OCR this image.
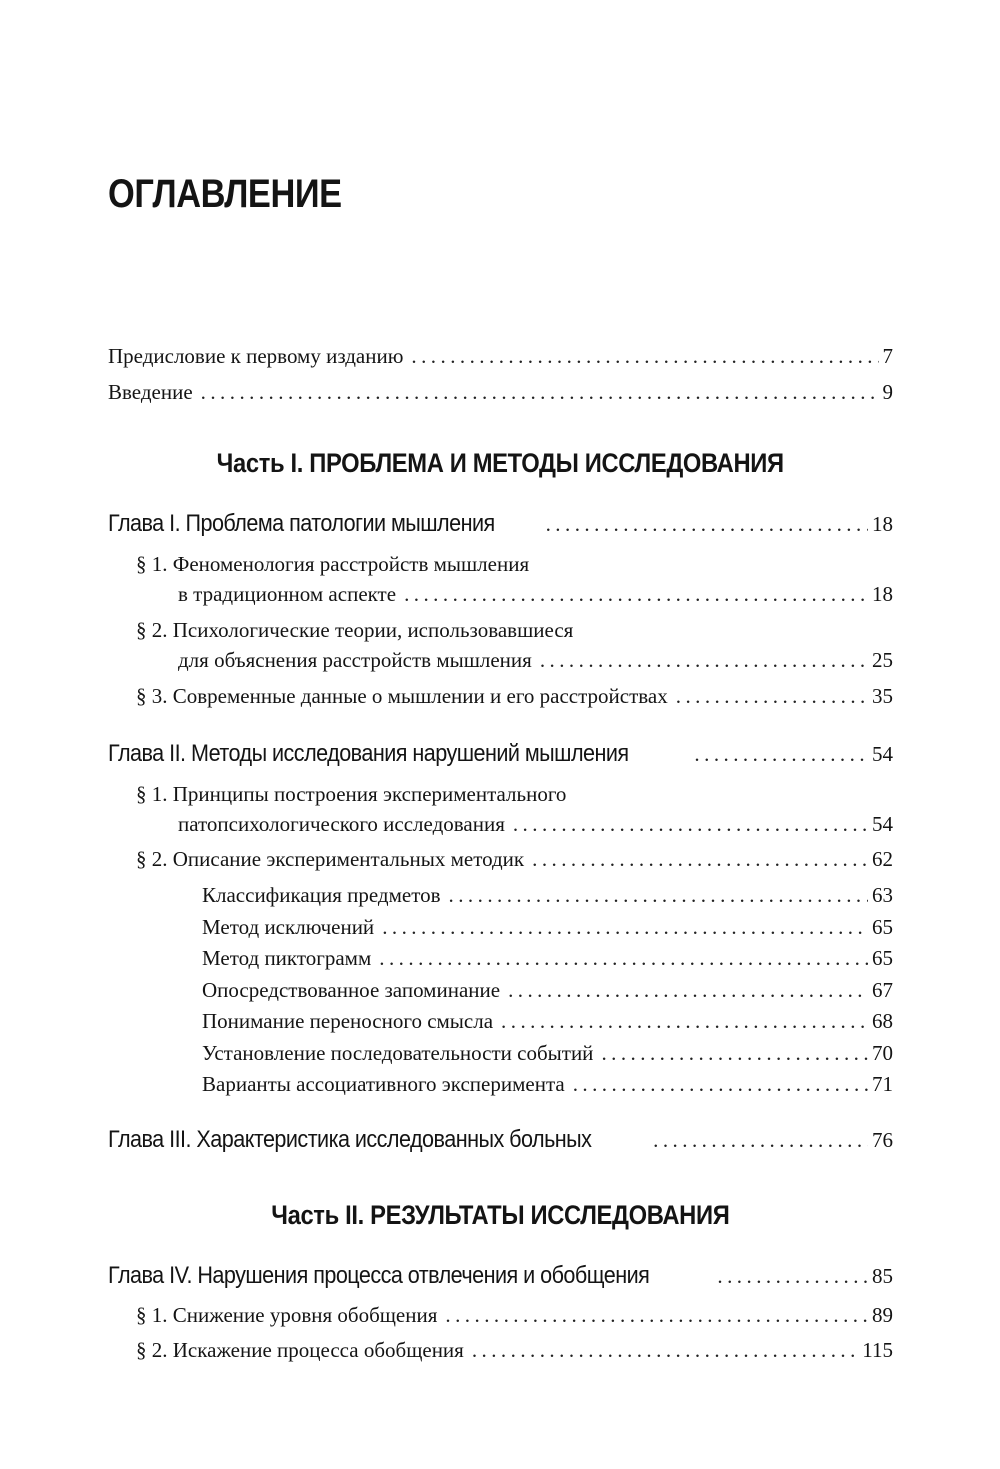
ОГЛАВЛЕНИЕ
Предисловие к первому изданию . . .	7
Введение . . .	9
Часть I. ПРОБЛЕМА И МЕТОДЫ ИССЛЕДОВАНИЯ
Глава I. Проблема патологии мышления . . .	18
§ 1. Феноменология расстройств мышления
в традиционном аспекте . . .	18
§ 2. Психологические теории, использовавшиеся
для объяснения расстройств мышления . . .	25
§ 3. Современные данные о мышлении и его расстройствах . . .	35
Глава II. Методы исследования нарушений мышления . . .	54
§ 1. Принципы построения экспериментального
патопсихологического исследования . . .	54
§ 2. Описание экспериментальных методик . . .	62
Классификация предметов . . .	63
Метод исключений . . .	65
Метод пиктограмм . . .	65
Опосредствованное запоминание . . .	67
Понимание переносного смысла . . .	68
Установление последовательности событий . . .	70
Варианты ассоциативного эксперимента . . .	71
Глава III. Характеристика исследованных больных . . .	76
Часть II. РЕЗУЛЬТАТЫ ИССЛЕДОВАНИЯ
Глава IV. Нарушения процесса отвлечения и обобщения . . .	85
§ 1. Снижение уровня обобщения . . .	89
§ 2. Искажение процесса обобщения . . .	115
